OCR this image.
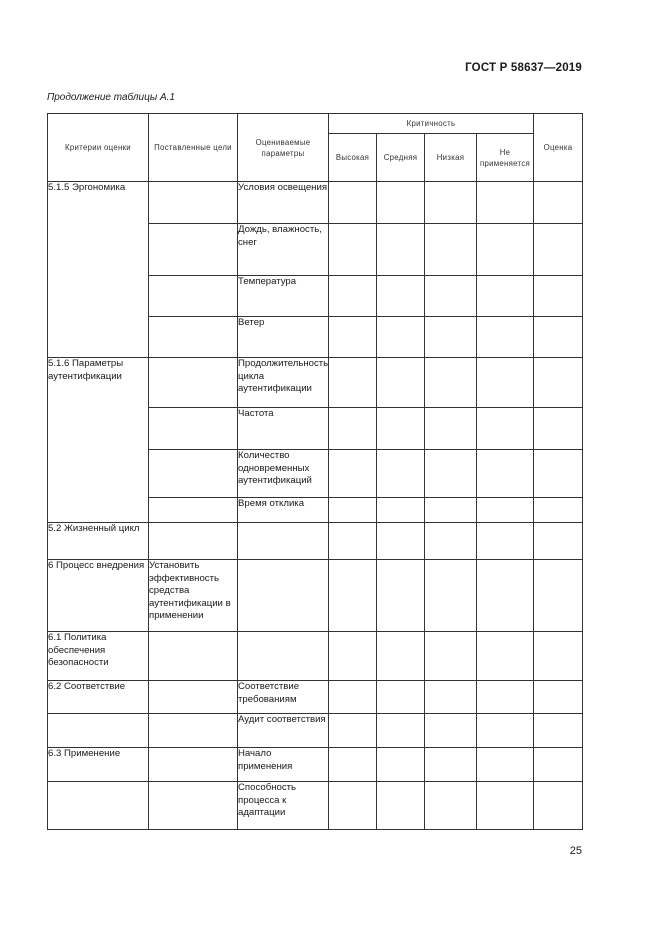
ГОСТ Р 58637—2019
Продолжение таблицы А.1
Критерии оценки	Поставленные цели	Оцениваемые параметры	Критичность				Оценка
			Высокая	Средняя	Низкая	Не применяется	
5.1.5 Эргономика		Условия освещения					
		Дождь, влажность, снег					
		Температура					
		Ветер					
5.1.6 Параметры аутентификации		Продолжительность цикла аутентификации					
		Частота					
		Количество одновременных аутентификаций					
		Время отклика					
5.2 Жизненный цикл							
6 Процесс внедрения	Установить эффективность средства аутентификации в применении						
6.1 Политика обеспечения безопасности							
6.2 Соответствие		Соответствие требованиям					
		Аудит соответствия					
6.3 Применение		Начало применения					
		Способность процесса к адаптации					
25
